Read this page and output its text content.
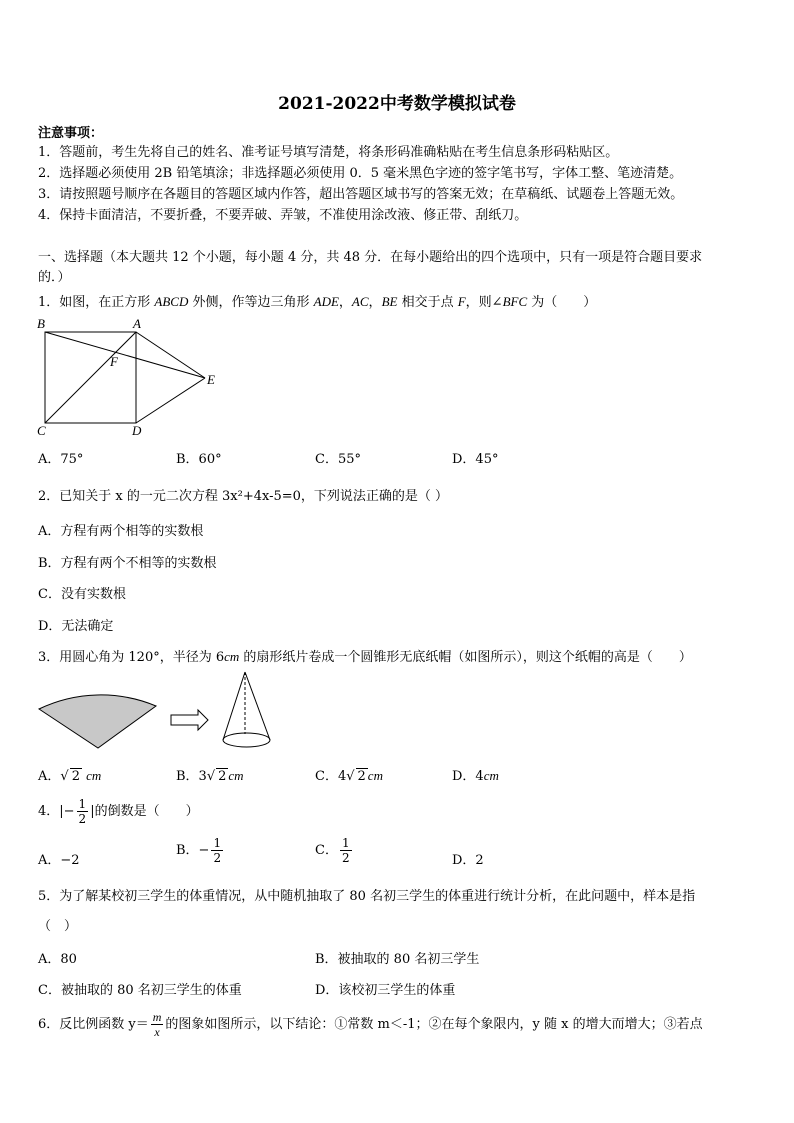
2021-2022中考数学模拟试卷
注意事项：
1．答题前，考生先将自己的姓名、准考证号填写清楚，将条形码准确粘贴在考生信息条形码粘贴区。
2．选择题必须使用 2B 铅笔填涂；非选择题必须使用 0．5 毫米黑色字迹的签字笔书写，字体工整、笔迹清楚。
3．请按照题号顺序在各题目的答题区域内作答，超出答题区域书写的答案无效；在草稿纸、试题卷上答题无效。
4．保持卡面清洁，不要折叠，不要弄破、弄皱，不准使用涂改液、修正带、刮纸刀。
一、选择题（本大题共 12 个小题，每小题 4 分，共 48 分．在每小题给出的四个选项中，只有一项是符合题目要求
的．）
1．如图，在正方形 ABCD 外侧，作等边三角形 ADE，AC，BE 相交于点 F，则∠BFC 为（　　）
B	A
F
E
C	D
A．75°	B．60°	C．55°	D．45°
2．已知关于 x 的一元二次方程 3x²+4x-5=0，下列说法正确的是（ ）
A．方程有两个相等的实数根
B．方程有两个不相等的实数根
C．没有实数根
D．无法确定
3．用圆心角为 120°，半径为 6cm 的扇形纸片卷成一个圆锥形无底纸帽（如图所示），则这个纸帽的高是（　　）
A．√ 2 cm	B．3√ 2 cm	C．4√ 2 cm	D．4cm
4．|− $\frac{1}{2}$ |的倒数是（　　）
A．−2
B．− $\frac{1}{2}$	C． $\frac{1}{2}$	D．2
5．为了解某校初三学生的体重情况，从中随机抽取了 80 名初三学生的体重进行统计分析，在此问题中，样本是指
（　）
A．80	B．被抽取的 80 名初三学生
C．被抽取的 80 名初三学生的体重	D．该校初三学生的体重
6．反比例函数 $y= \frac{m}{x}$ 的图象如图所示，以下结论：①常数 m＜-1；②在每个象限内，y 随 x 的增大而增大；③若点
